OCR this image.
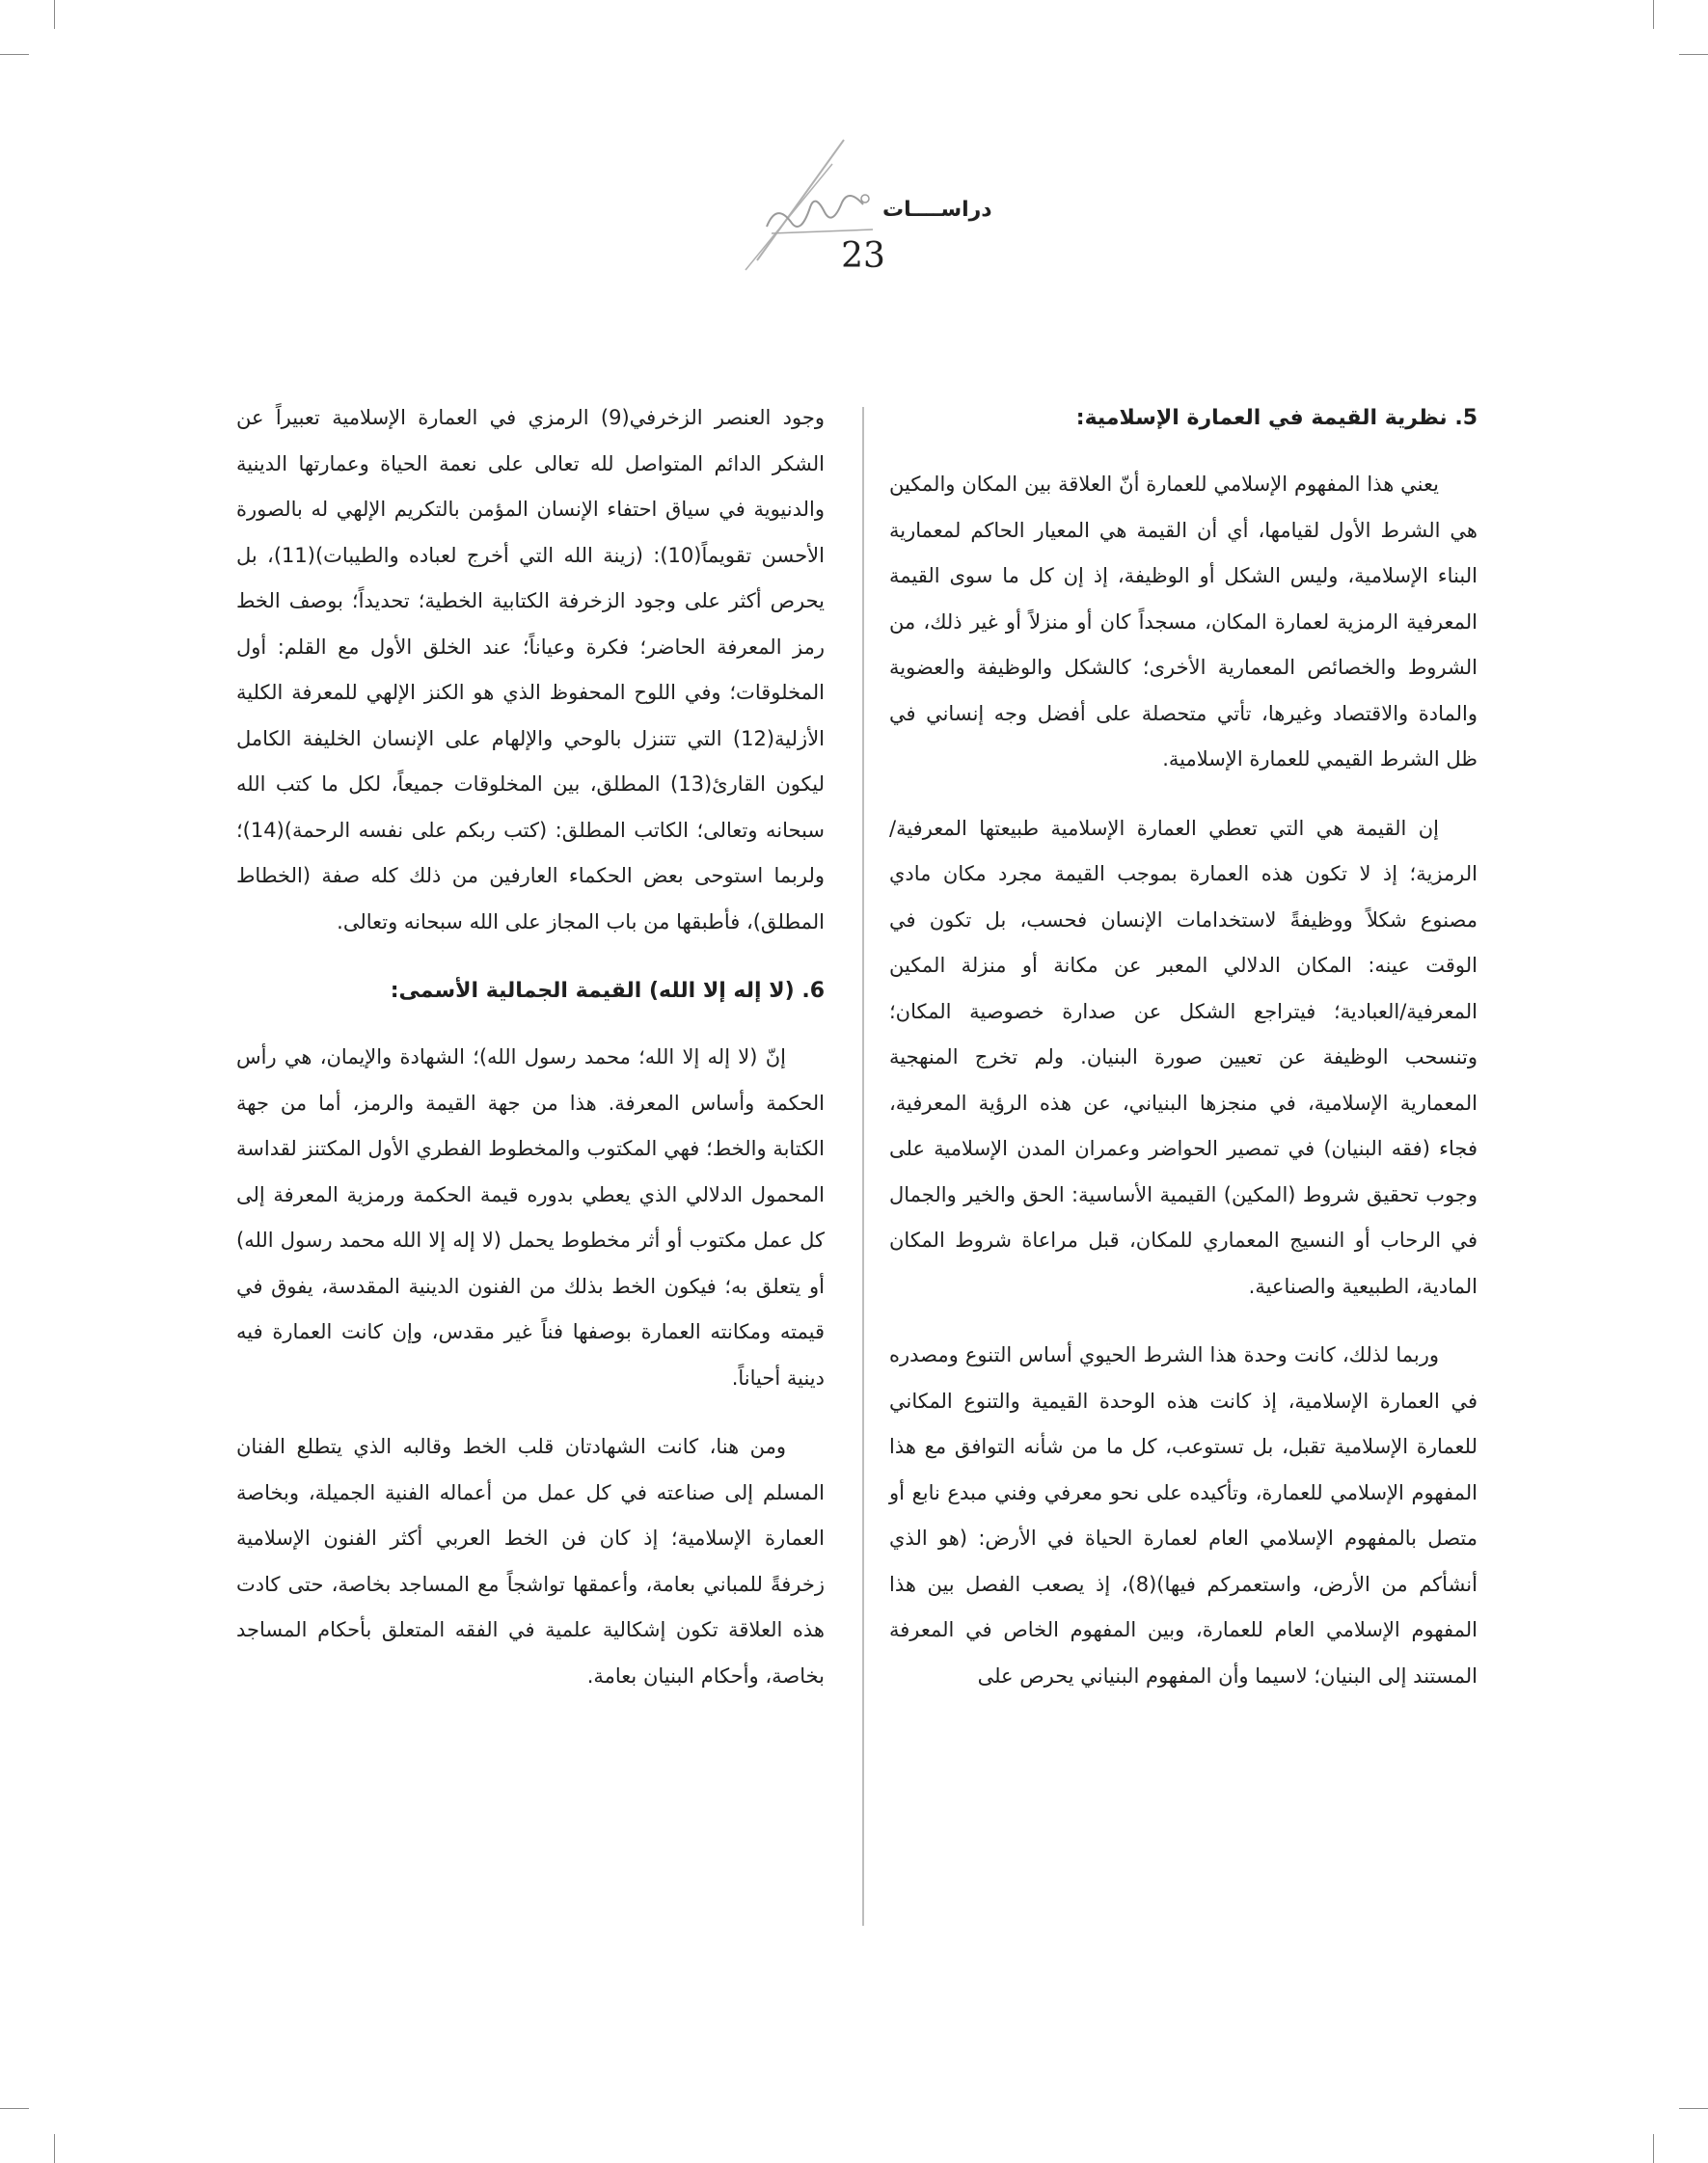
دراســــات
23
5. نظرية القيمة في العمارة الإسلامية:

يعني هذا المفهوم الإسلامي للعمارة أنّ العلاقة بين المكان والمكين هي الشرط الأول لقيامها، أي أن القيمة هي المعيار الحاكم لمعمارية البناء الإسلامية، وليس الشكل أو الوظيفة، إذ إن كل ما سوى القيمة المعرفية الرمزية لعمارة المكان، مسجداً كان أو منزلاً أو غير ذلك، من الشروط والخصائص المعمارية الأخرى؛ كالشكل والوظيفة والعضوية والمادة والاقتصاد وغيرها، تأتي متحصلة على أفضل وجه إنساني في ظل الشرط القيمي للعمارة الإسلامية.

إن القيمة هي التي تعطي العمارة الإسلامية طبيعتها المعرفية/الرمزية؛ إذ لا تكون هذه العمارة بموجب القيمة مجرد مكان مادي مصنوع شكلاً ووظيفةً لاستخدامات الإنسان فحسب، بل تكون في الوقت عينه: المكان الدلالي المعبر عن مكانة أو منزلة المكين المعرفية/العبادية؛ فيتراجع الشكل عن صدارة خصوصية المكان؛ وتنسحب الوظيفة عن تعيين صورة البنيان. ولم تخرج المنهجية المعمارية الإسلامية، في منجزها البنياني، عن هذه الرؤية المعرفية، فجاء (فقه البنيان) في تمصير الحواضر وعمران المدن الإسلامية على وجوب تحقيق شروط (المكين) القيمية الأساسية: الحق والخير والجمال في الرحاب أو النسيج المعماري للمكان، قبل مراعاة شروط المكان المادية، الطبيعية والصناعية.

وربما لذلك، كانت وحدة هذا الشرط الحيوي أساس التنوع ومصدره في العمارة الإسلامية، إذ كانت هذه الوحدة القيمية والتنوع المكاني للعمارة الإسلامية تقبل، بل تستوعب، كل ما من شأنه التوافق مع هذا المفهوم الإسلامي للعمارة، وتأكيده على نحو معرفي وفني مبدع نابع أو متصل بالمفهوم الإسلامي العام لعمارة الحياة في الأرض: (هو الذي أنشأكم من الأرض، واستعمركم فيها)(8)، إذ يصعب الفصل بين هذا المفهوم الإسلامي العام للعمارة، وبين المفهوم الخاص في المعرفة المستند إلى البنيان؛ لاسيما وأن المفهوم البنياني يحرص على

وجود العنصر الزخرفي(9) الرمزي في العمارة الإسلامية تعبيراً عن الشكر الدائم المتواصل لله تعالى على نعمة الحياة وعمارتها الدينية والدنيوية في سياق احتفاء الإنسان المؤمن بالتكريم الإلهي له بالصورة الأحسن تقويماً(10): (زينة الله التي أخرج لعباده والطيبات)(11)، بل يحرص أكثر على وجود الزخرفة الكتابية الخطية؛ تحديداً؛ بوصف الخط رمز المعرفة الحاضر؛ فكرة وعياناً؛ عند الخلق الأول مع القلم: أول المخلوقات؛ وفي اللوح المحفوظ الذي هو الكنز الإلهي للمعرفة الكلية الأزلية(12) التي تتنزل بالوحي والإلهام على الإنسان الخليفة الكامل ليكون القارئ(13) المطلق، بين المخلوقات جميعاً، لكل ما كتب الله سبحانه وتعالى؛ الكاتب المطلق: (كتب ربكم على نفسه الرحمة)(14)؛ ولربما استوحى بعض الحكماء العارفين من ذلك كله صفة (الخطاط المطلق)، فأطبقها من باب المجاز على الله سبحانه وتعالى.

6. (لا إله إلا الله) القيمة الجمالية الأسمى:

إنّ (لا إله إلا الله؛ محمد رسول الله)؛ الشهادة والإيمان، هي رأس الحكمة وأساس المعرفة. هذا من جهة القيمة والرمز، أما من جهة الكتابة والخط؛ فهي المكتوب والمخطوط الفطري الأول المكتنز لقداسة المحمول الدلالي الذي يعطي بدوره قيمة الحكمة ورمزية المعرفة إلى كل عمل مكتوب أو أثر مخطوط يحمل (لا إله إلا الله محمد رسول الله) أو يتعلق به؛ فيكون الخط بذلك من الفنون الدينية المقدسة، يفوق في قيمته ومكانته العمارة بوصفها فناً غير مقدس، وإن كانت العمارة فيه دينية أحياناً.

ومن هنا، كانت الشهادتان قلب الخط وقالبه الذي يتطلع الفنان المسلم إلى صناعته في كل عمل من أعماله الفنية الجميلة، وبخاصة العمارة الإسلامية؛ إذ كان فن الخط العربي أكثر الفنون الإسلامية زخرفةً للمباني بعامة، وأعمقها تواشجاً مع المساجد بخاصة، حتى كادت هذه العلاقة تكون إشكالية علمية في الفقه المتعلق بأحكام المساجد بخاصة، وأحكام البنيان بعامة.
